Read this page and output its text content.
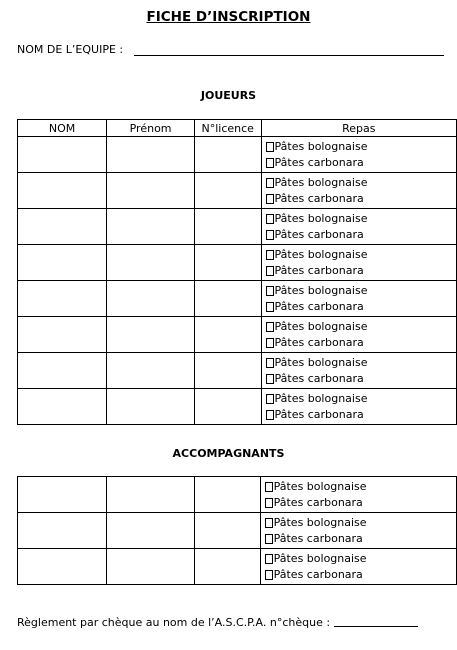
FICHE D’INSCRIPTION
NOM DE L’EQUIPE :
JOUEURS
NOM	Prénom	N°licence	Repas

			Pâtes bolognaise
Pâtes carbonara

			Pâtes bolognaise
Pâtes carbonara

			Pâtes bolognaise
Pâtes carbonara

			Pâtes bolognaise
Pâtes carbonara

			Pâtes bolognaise
Pâtes carbonara

			Pâtes bolognaise
Pâtes carbonara

			Pâtes bolognaise
Pâtes carbonara

			Pâtes bolognaise
Pâtes carbonara
ACCOMPAGNANTS

			Pâtes bolognaise
Pâtes carbonara

			Pâtes bolognaise
Pâtes carbonara

			Pâtes bolognaise
Pâtes carbonara
Règlement par chèque au nom de l’A.S.C.P.A. n°chèque :
